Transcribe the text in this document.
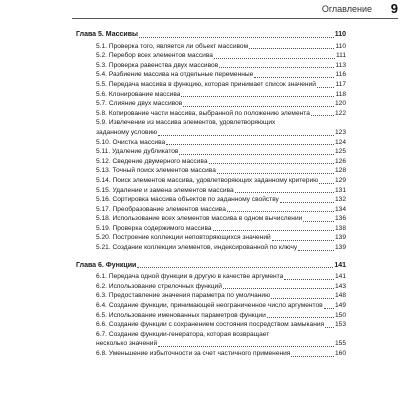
Оглавление 9
Глава 5. Массивы	110
5.1. Проверка того, является ли объект массивом	110
5.2. Перебор всех элементов массива	111
5.3. Проверка равенства двух массивов	113
5.4. Разбиение массива на отдельные переменные	116
5.5. Передача массива в функцию, которая принимает список значений	117
5.6. Клонирование массива	118
5.7. Слияние двух массивов	120
5.8. Копирование части массива, выбранной по положению элемента	122
5.9. Извлечение из массива элементов, удовлетворяющих
заданному условию	123
5.10. Очистка массива	124
5.11. Удаление дубликатов	125
5.12. Сведение двумерного массива	126
5.13. Точный поиск элементов массива	128
5.14. Поиск элементов массива, удовлетворяющих заданному критерию	129
5.15. Удаление и замена элементов массива	131
5.16. Сортировка массива объектов по заданному свойству	132
5.17. Преобразование элементов массива	134
5.18. Использование всех элементов массива в одном вычислении	136
5.19. Проверка содержимого массива	138
5.20. Построение коллекции неповторяющихся значений	139
5.21. Создание коллекции элементов, индексированной по ключу	139
Глава 6. Функции	141
6.1. Передача одной функции в другую в качестве аргумента	141
6.2. Использование стрелочных функций	143
6.3. Предоставление значения параметра по умолчанию	148
6.4. Создание функции, принимающей неограниченное число аргументов 149
6.5. Использование именованных параметров функции	150
6.6. Создание функции с сохранением состояния посредством замыкания 153
6.7. Создание функции-генератора, которая возвращает
несколько значений	155
6.8. Уменьшение избыточности за счет частичного применения	160
